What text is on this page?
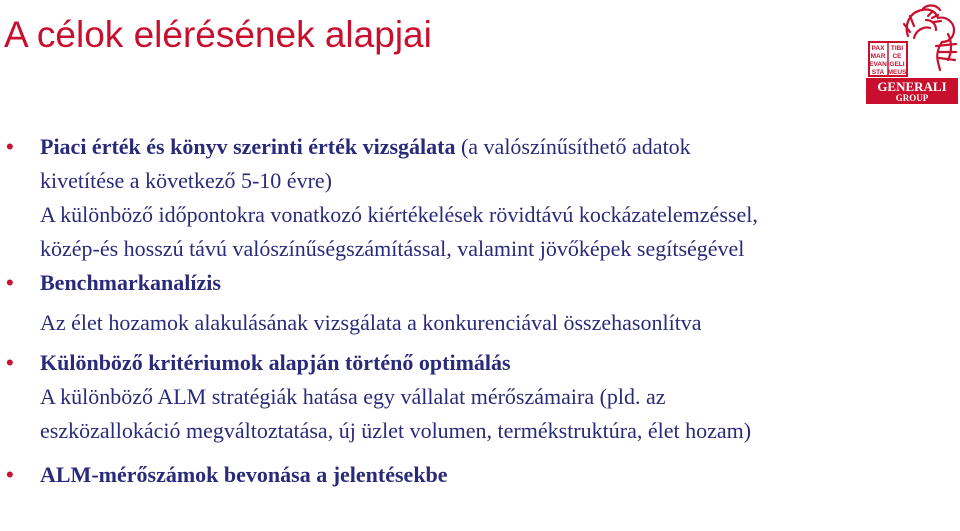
A célok elérésének alapjai	PAX TIBI
MAR CE
EVAN GELI
STA MEUS
GENERALI
GROUP
• Piaci érték és könyv szerinti érték vizsgálata (a valószínűsíthető adatok
kivetítése a következő 5-10 évre)
A különböző időpontokra vonatkozó kiértékelések rövidtávú kockázatelemzéssel,
közép-és hosszú távú valószínűségszámítással, valamint jövőképek segítségével
• Benchmarkanalízis
Az élet hozamok alakulásának vizsgálata a konkurenciával összehasonlítva
• Különböző kritériumok alapján történő optimálás
A különböző ALM stratégiák hatása egy vállalat mérőszámaira (pld. az
eszközallokáció megváltoztatása, új üzlet volumen, termékstruktúra, élet hozam)
• ALM-mérőszámok bevonása a jelentésekbe
